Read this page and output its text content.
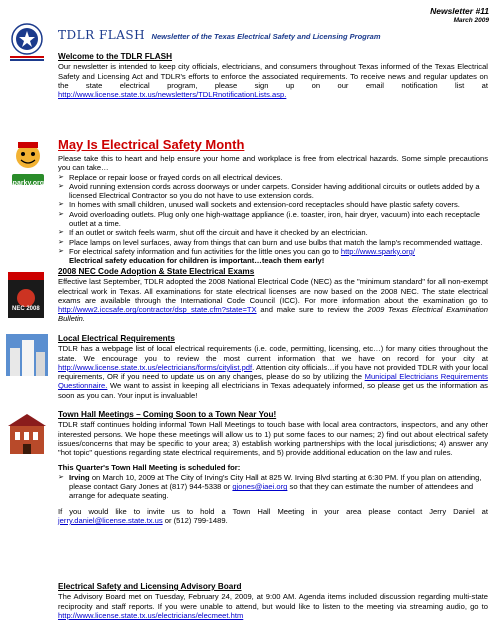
Newsletter #11
March 2009
TDLR FLASH Newsletter of the Texas Electrical Safety and Licensing Program
Welcome to the TDLR FLASH

Our newsletter is intended to keep city officials, electricians, and consumers throughout Texas informed of the Texas Electrical Safety and Licensing Act and TDLR's efforts to enforce the associated requirements. To receive news and regular updates on the state electrical program, please sign up on our email notification list at http://www.license.state.tx.us/newsletters/TDLRnotificationLists.asp.

Sparky.org
May Is Electrical Safety Month

Please take this to heart and help ensure your home and workplace is free from electrical hazards. Some simple precautions you can take…

➢ Replace or repair loose or frayed cords on all electrical devices.
➢ Avoid running extension cords across doorways or under carpets. Consider having additional circuits or outlets added by a licensed Electrical Contractor so you do not have to use extension cords.
➢ In homes with small children, unused wall sockets and extension-cord receptacles should have plastic safety covers.
➢ Avoid overloading outlets. Plug only one high-wattage appliance (i.e. toaster, iron, hair dryer, vacuum) into each receptacle outlet at a time.
➢ If an outlet or switch feels warm, shut off the circuit and have it checked by an electrician.
➢ Place lamps on level surfaces, away from things that can burn and use bulbs that match the lamp's recommended wattage.
➢ For electrical safety information and fun activities for the little ones you can go to http://www.sparky.org/
Electrical safety education for children is important…teach them early!
NEC 2008
2008 NEC Code Adoption & State Electrical Exams

Effective last September, TDLR adopted the 2008 National Electrical Code (NEC) as the "minimum standard" for all non-exempt electrical work in Texas. All examinations for state electrical licenses are now based on the 2008 NEC. The state electrical exams are available through the International Code Council (ICC). For more information about the examination go to http://www2.iccsafe.org/contractor/dsp_state.cfm?state=TX and make sure to review the 2009 Texas Electrical Examination Bulletin.

Local Electrical Requirements

TDLR has a webpage list of local electrical requirements (i.e. code, permitting, licensing, etc…) for many cities throughout the state. We encourage you to review the most current information that we have on record for your city at http://www.license.state.tx.us/electricians/forms/citylist.pdf. Attention city officials…if you have not provided TDLR with your local requirements, OR if you need to update us on any changes, please do so by utilizing the Municipal Electricians Requirements Questionnaire. We want to assist in keeping all electricians in Texas adequately informed, so please get us the information as soon as you can. Your input is invaluable!

Town Hall Meetings – Coming Soon to a Town Near You!

TDLR staff continues holding informal Town Hall Meetings to touch base with local area contractors, inspectors, and any other interested persons. We hope these meetings will allow us to 1) put some faces to our names; 2) find out about electrical safety issues/concerns that may be specific to your area; 3) establish working partnerships with the local jurisdictions; 4) answer any "hot topic" questions regarding state electrical requirements, and 5) provide additional education on the law and rules.

This Quarter's Town Hall Meeting is scheduled for:
➢ Irving on March 10, 2009 at The City of Irving's City Hall at 825 W. Irving Blvd starting at 6:30 PM. If you plan on attending, please contact Gary Jones at (817) 944-5338 or gjones@iaei.org so that they can estimate the number of attendees and arrange for adequate seating.

If you would like to invite us to hold a Town Hall Meeting in your area please contact Jerry Daniel at jerry.daniel@license.state.tx.us or (512) 799-1489.

Electrical Safety and Licensing Advisory Board

The Advisory Board met on Tuesday, February 24, 2009, at 9:00 AM. Agenda items included discussion regarding multi-state reciprocity and staff reports. If you were unable to attend, but would like to listen to the meeting via streaming audio, go to http://www.license.state.tx.us/electricians/elecmeet.htm
